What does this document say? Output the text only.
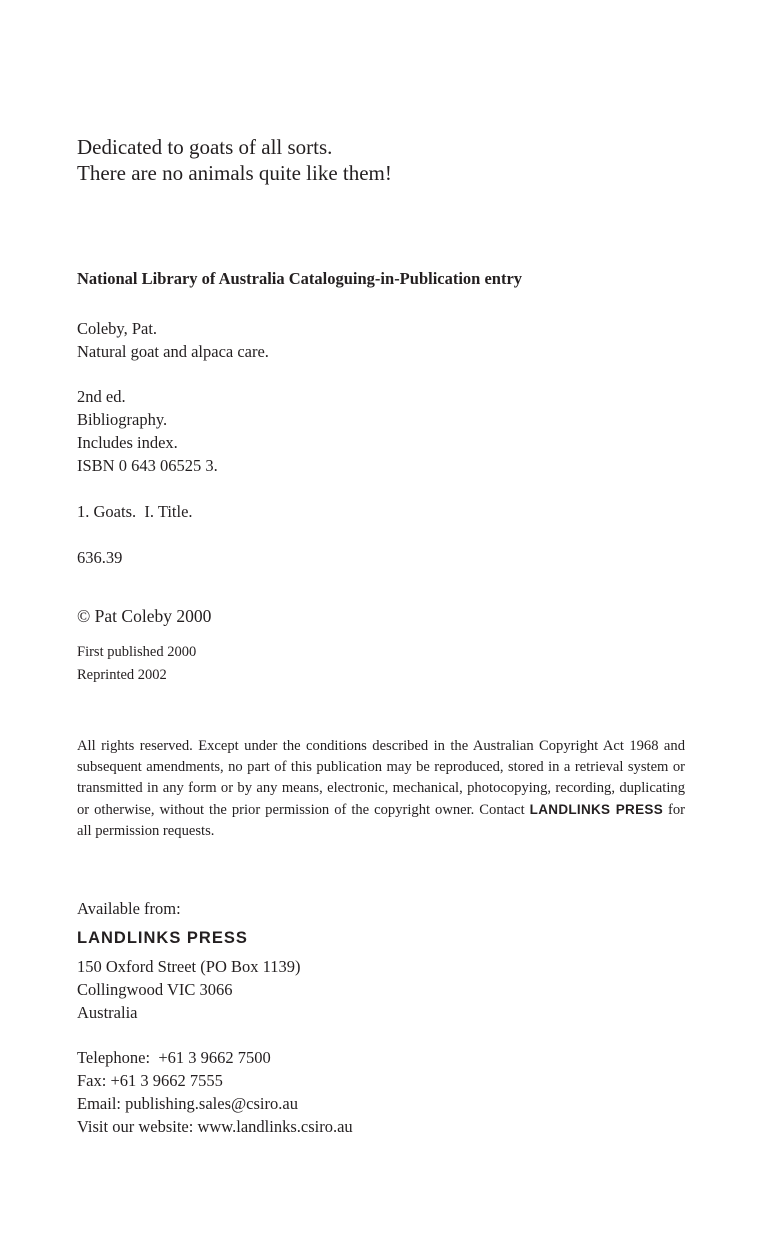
Dedicated to goats of all sorts.
There are no animals quite like them!
National Library of Australia Cataloguing-in-Publication entry
Coleby, Pat.
Natural goat and alpaca care.
2nd ed.
Bibliography.
Includes index.
ISBN 0 643 06525 3.
1. Goats.  I. Title.
636.39
© Pat Coleby 2000
First published 2000
Reprinted 2002
All rights reserved. Except under the conditions described in the Australian Copyright Act 1968 and subsequent amendments, no part of this publication may be reproduced, stored in a retrieval system or transmitted in any form or by any means, electronic, mechanical, photocopying, recording, duplicating or otherwise, without the prior permission of the copyright owner. Contact LANDLINKS PRESS for all permission requests.
Available from:
LANDLINKS PRESS
150 Oxford Street (PO Box 1139)
Collingwood VIC 3066
Australia
Telephone:  +61 3 9662 7500
Fax: +61 3 9662 7555
Email: publishing.sales@csiro.au
Visit our website: www.landlinks.csiro.au
